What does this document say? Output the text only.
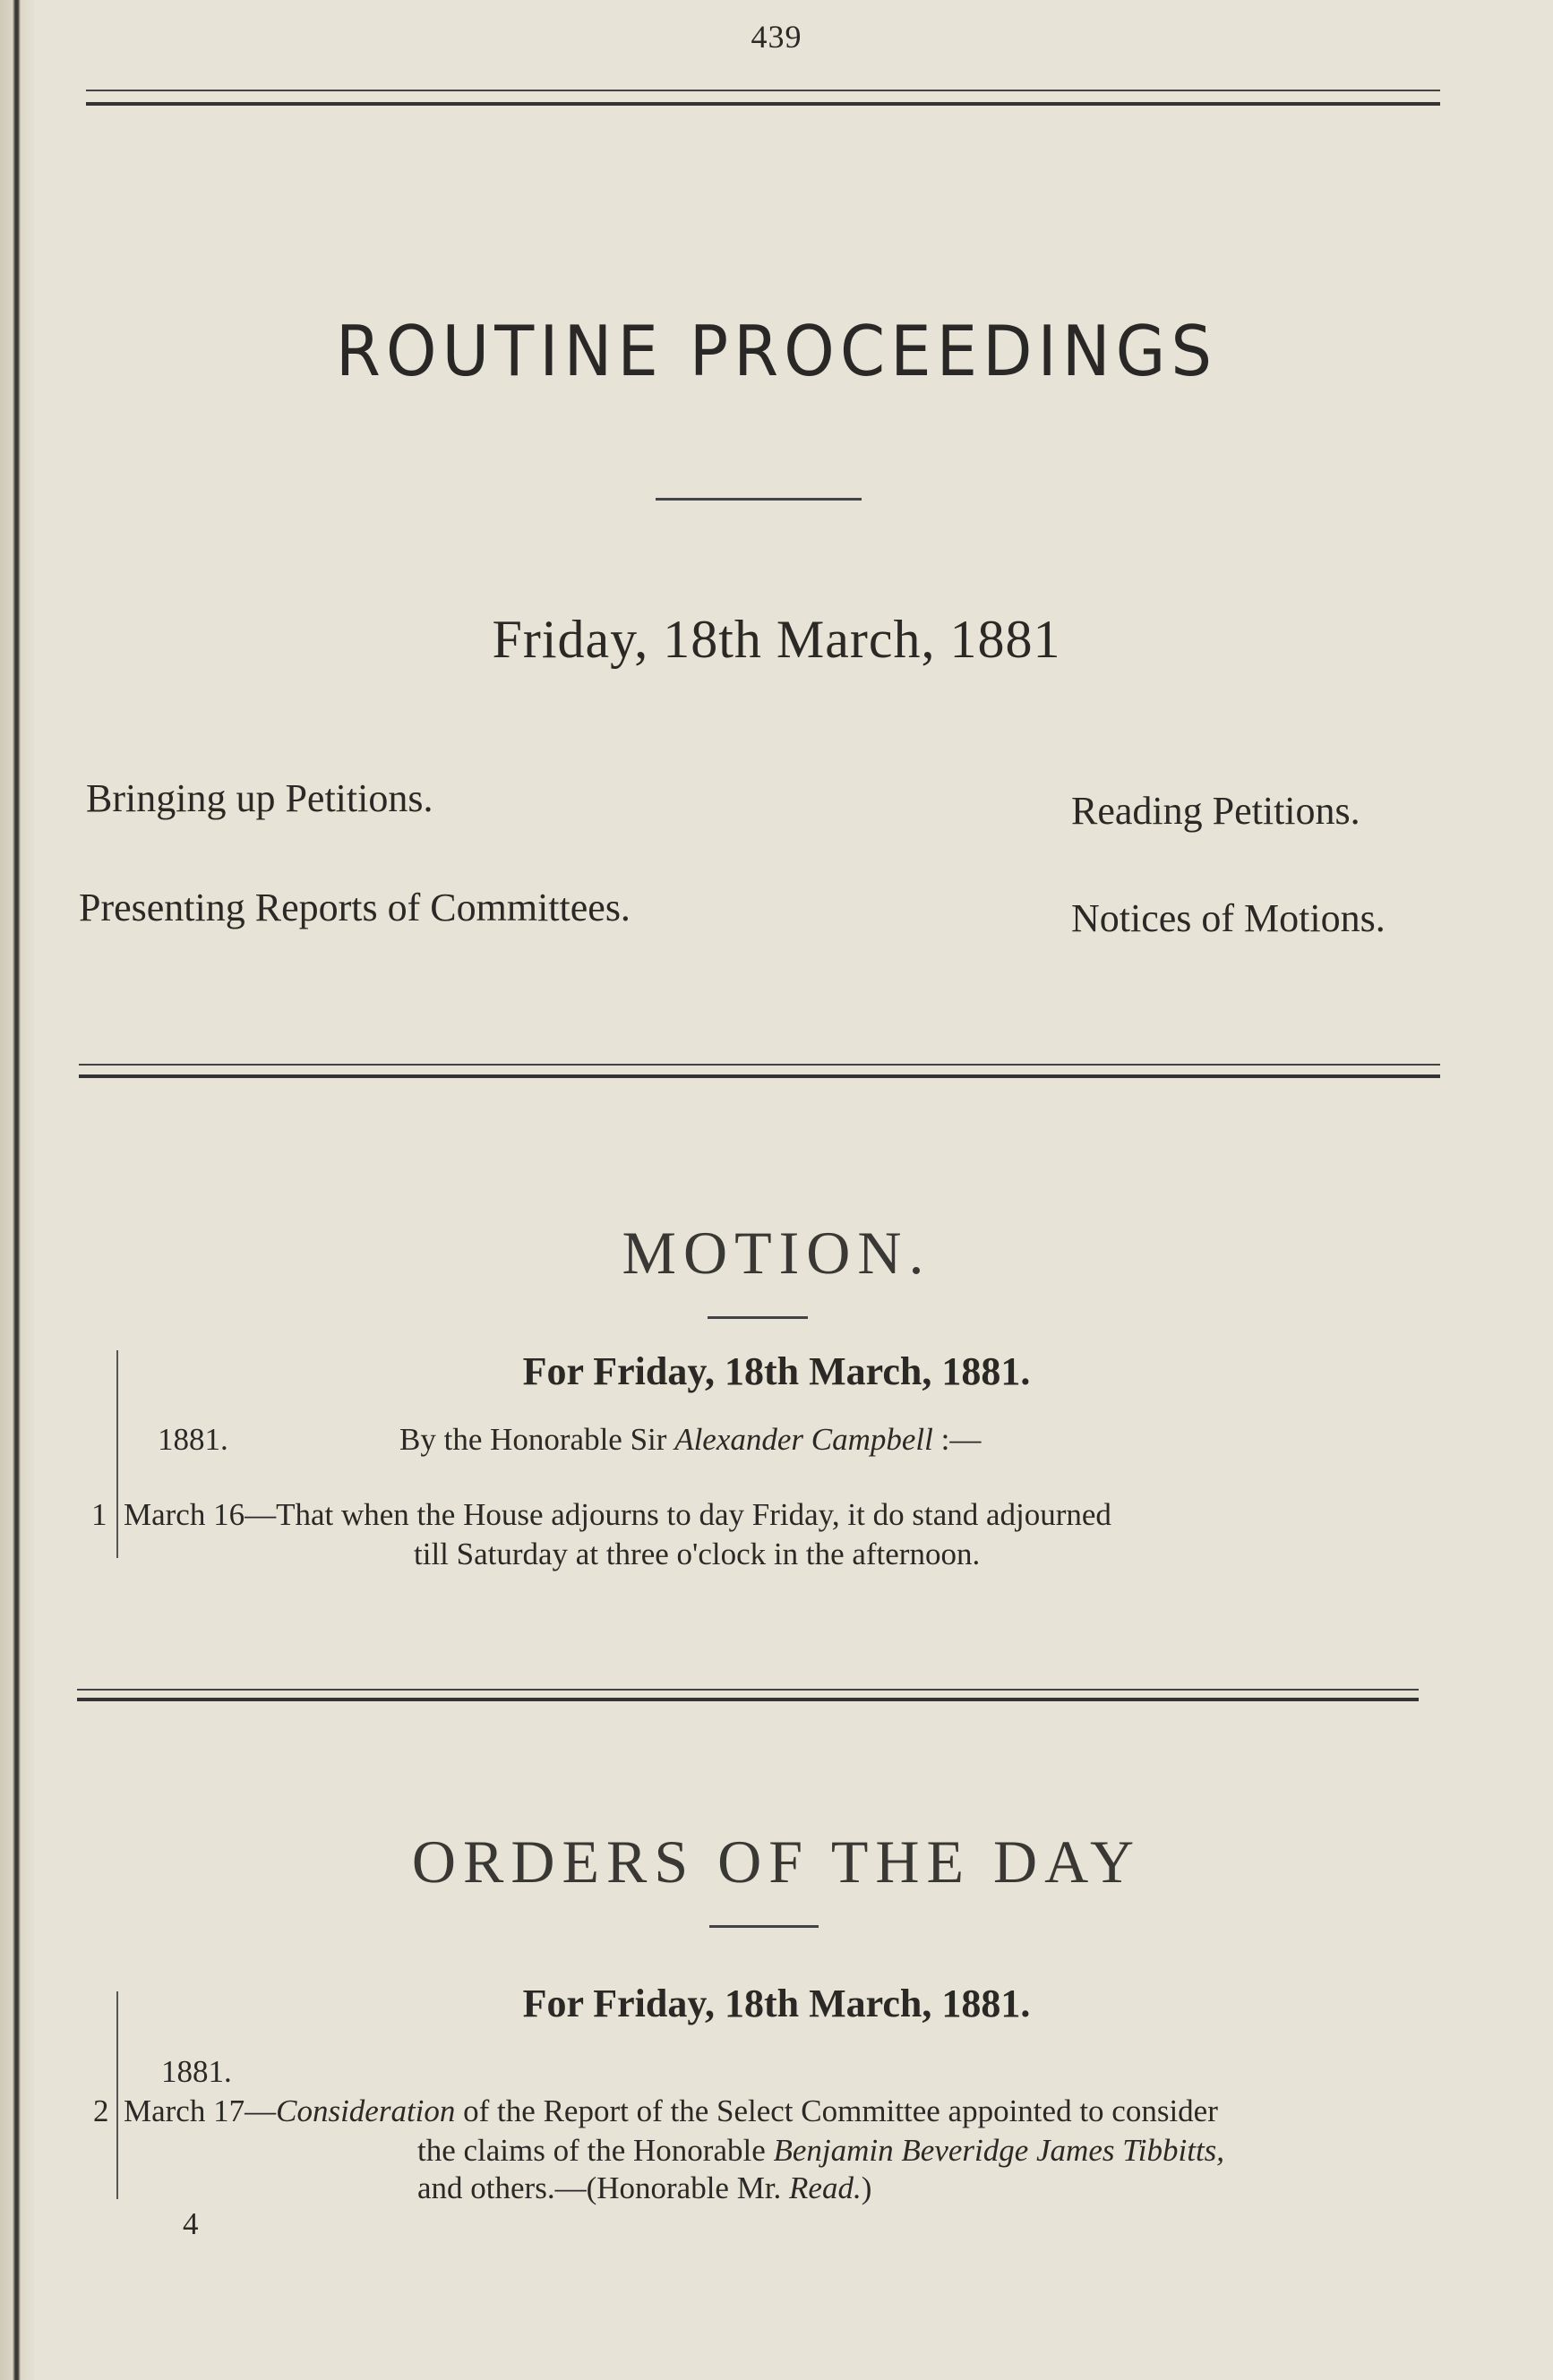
439
ROUTINE PROCEEDINGS
Friday, 18th March, 1881
Bringing up Petitions.	Reading Petitions.
Presenting Reports of Committees.	Notices of Motions.
MOTION.
For Friday, 18th March, 1881.
1881.	By the Honorable Sir Alexander Campbell :—
1 March 16—That when the House adjourns to day Friday, it do stand adjourned
till Saturday at three o'clock in the afternoon.
ORDERS OF THE DAY
For Friday, 18th March, 1881.
1881.
2 March 17—Consideration of the Report of the Select Committee appointed to consider
the claims of the Honorable Benjamin Beveridge James Tibbitts,
and others.—(Honorable Mr. Read.)
4
